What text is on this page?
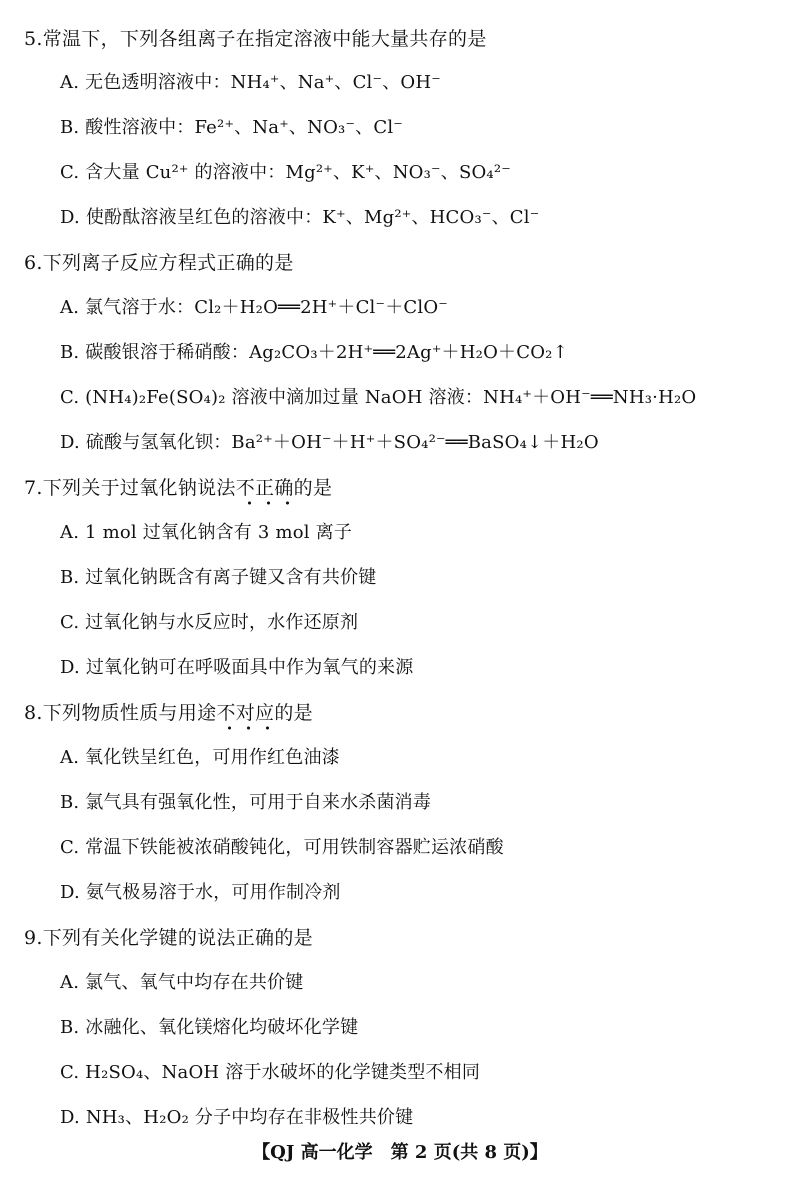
5.常温下，下列各组离子在指定溶液中能大量共存的是
A. 无色透明溶液中：NH₄⁺、Na⁺、Cl⁻、OH⁻
B. 酸性溶液中：Fe²⁺、Na⁺、NO₃⁻、Cl⁻
C. 含大量 Cu²⁺ 的溶液中：Mg²⁺、K⁺、NO₃⁻、SO₄²⁻
D. 使酚酞溶液呈红色的溶液中：K⁺、Mg²⁺、HCO₃⁻、Cl⁻
6.下列离子反应方程式正确的是
A. 氯气溶于水：Cl₂＋H₂O══2H⁺＋Cl⁻＋ClO⁻
B. 碳酸银溶于稀硝酸：Ag₂CO₃＋2H⁺══2Ag⁺＋H₂O＋CO₂↑
C. (NH₄)₂Fe(SO₄)₂ 溶液中滴加过量 NaOH 溶液：NH₄⁺＋OH⁻══NH₃·H₂O
D. 硫酸与氢氧化钡：Ba²⁺＋OH⁻＋H⁺＋SO₄²⁻══BaSO₄↓＋H₂O
7.下列关于过氧化钠说法不正确的是
A. 1 mol 过氧化钠含有 3 mol 离子
B. 过氧化钠既含有离子键又含有共价键
C. 过氧化钠与水反应时，水作还原剂
D. 过氧化钠可在呼吸面具中作为氧气的来源
8.下列物质性质与用途不对应的是
A. 氧化铁呈红色，可用作红色油漆
B. 氯气具有强氧化性，可用于自来水杀菌消毒
C. 常温下铁能被浓硝酸钝化，可用铁制容器贮运浓硝酸
D. 氨气极易溶于水，可用作制冷剂
9.下列有关化学键的说法正确的是
A. 氯气、氧气中均存在共价键
B. 冰融化、氧化镁熔化均破坏化学键
C. H₂SO₄、NaOH 溶于水破坏的化学键类型不相同
D. NH₃、H₂O₂ 分子中均存在非极性共价键
【QJ 高一化学　第 2 页(共 8 页)】
